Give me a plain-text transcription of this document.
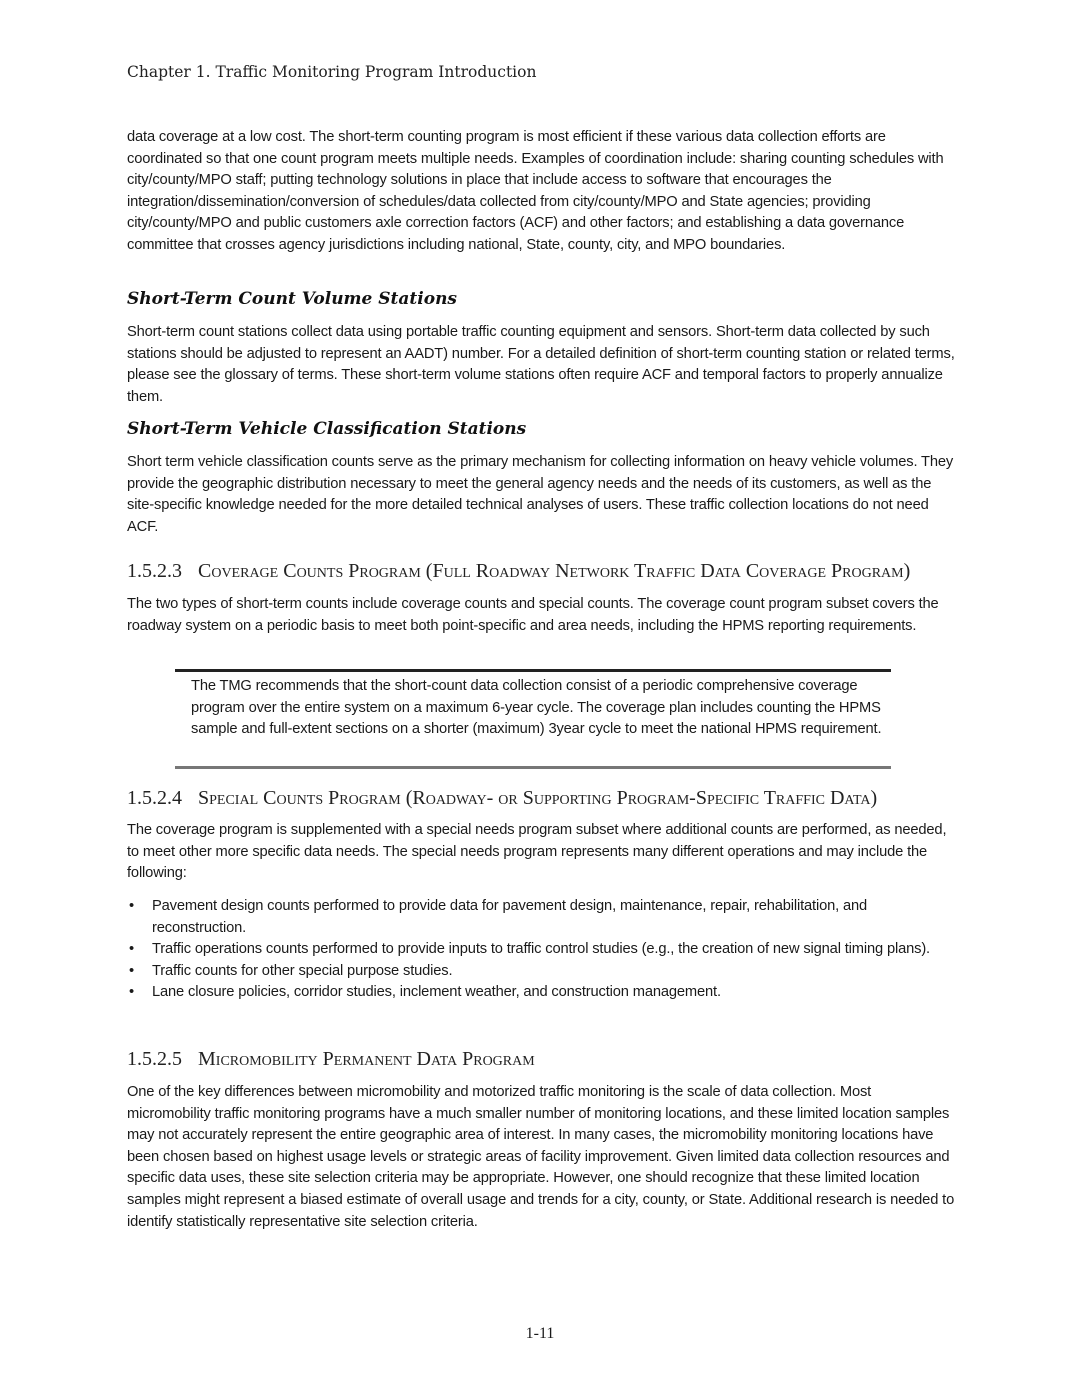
Chapter 1. Traffic Monitoring Program Introduction

data coverage at a low cost. The short-term counting program is most efficient if these various data collection efforts are coordinated so that one count program meets multiple needs. Examples of coordination include: sharing counting schedules with city/county/MPO staff; putting technology solutions in place that include access to software that encourages the integration/dissemination/conversion of schedules/data collected from city/county/MPO and State agencies; providing city/county/MPO and public customers axle correction factors (ACF) and other factors; and establishing a data governance committee that crosses agency jurisdictions including national, State, county, city, and MPO boundaries.

Short-Term Count Volume Stations

Short-term count stations collect data using portable traffic counting equipment and sensors. Short-term data collected by such stations should be adjusted to represent an AADT) number. For a detailed definition of short-term counting station or related terms, please see the glossary of terms. These short-term volume stations often require ACF and temporal factors to properly annualize them.

Short-Term Vehicle Classification Stations

Short term vehicle classification counts serve as the primary mechanism for collecting information on heavy vehicle volumes. They provide the geographic distribution necessary to meet the general agency needs and the needs of its customers, as well as the site-specific knowledge needed for the more detailed technical analyses of users. These traffic collection locations do not need ACF.

1.5.2.3 Coverage Counts Program (Full Roadway Network Traffic Data Coverage Program)

The two types of short-term counts include coverage counts and special counts. The coverage count program subset covers the roadway system on a periodic basis to meet both point-specific and area needs, including the HPMS reporting requirements.

The TMG recommends that the short-count data collection consist of a periodic comprehensive coverage program over the entire system on a maximum 6-year cycle. The coverage plan includes counting the HPMS sample and full-extent sections on a shorter (maximum) 3year cycle to meet the national HPMS requirement.

1.5.2.4 Special Counts Program (Roadway- or Supporting Program-Specific Traffic Data)

The coverage program is supplemented with a special needs program subset where additional counts are performed, as needed, to meet other more specific data needs. The special needs program represents many different operations and may include the following:

• Pavement design counts performed to provide data for pavement design, maintenance, repair, rehabilitation, and reconstruction.
• Traffic operations counts performed to provide inputs to traffic control studies (e.g., the creation of new signal timing plans).
• Traffic counts for other special purpose studies.
• Lane closure policies, corridor studies, inclement weather, and construction management.
1.5.2.5 Micromobility Permanent Data Program

One of the key differences between micromobility and motorized traffic monitoring is the scale of data collection. Most micromobility traffic monitoring programs have a much smaller number of monitoring locations, and these limited location samples may not accurately represent the entire geographic area of interest. In many cases, the micromobility monitoring locations have been chosen based on highest usage levels or strategic areas of facility improvement. Given limited data collection resources and specific data uses, these site selection criteria may be appropriate. However, one should recognize that these limited location samples might represent a biased estimate of overall usage and trends for a city, county, or State. Additional research is needed to identify statistically representative site selection criteria.

1-11
